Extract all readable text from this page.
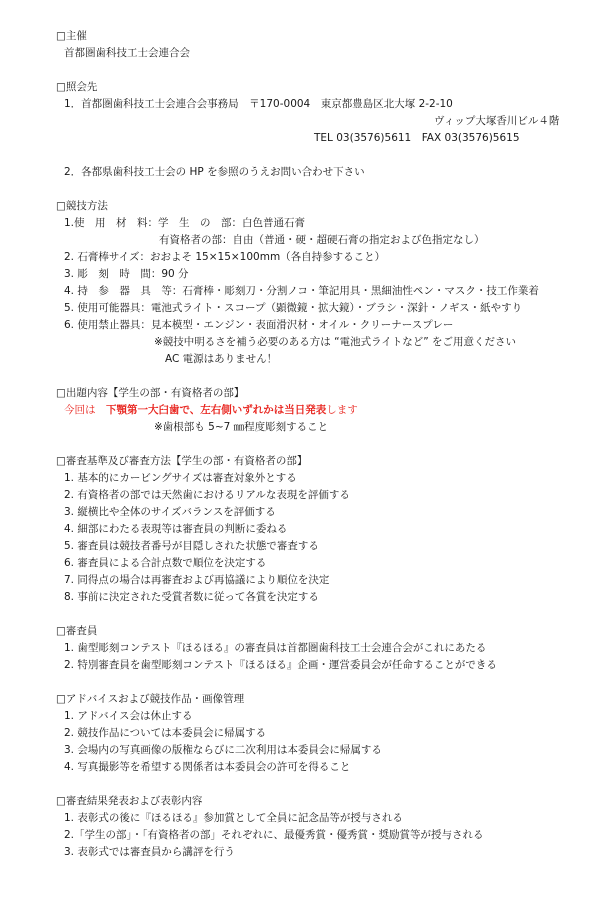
□主催
首都圏歯科技工士会連合会
□照会先
1．首都圏歯科技工士会連合会事務局　〒170-0004　東京都豊島区北大塚 2-2-10
ヴィップ大塚香川ビル４階
TEL 03(3576)5611　FAX 03(3576)5615
2．各都県歯科技工士会の HP を参照のうえお問い合わせ下さい
□競技方法
1.使　用　材　料：学　生　の　部：白色普通石膏
有資格者の部：自由（普通・硬・超硬石膏の指定および色指定なし）
2. 石膏棒サイズ：おおよそ 15×15×100mm（各自持参すること）
3. 彫　刻　時　間：90 分
4. 持　参　器　具　等：石膏棒・彫刻刀・分割ノコ・筆記用具・黒細油性ペン・マスク・技工作業着
5. 使用可能器具：電池式ライト・スコープ（顕微鏡・拡大鏡）・ブラシ・深針・ノギス・紙やすり
6. 使用禁止器具：見本模型・エンジン・表面滑沢材・オイル・クリーナースプレー
※競技中明るさを補う必要のある方は “電池式ライトなど” をご用意ください
AC 電源はありません！
□出題内容【学生の部・有資格者の部】
今回は　下顎第一大臼歯で、左右側いずれかは当日発表します
※歯根部も 5~7 ㎜程度彫刻すること
□審査基準及び審査方法【学生の部・有資格者の部】
1. 基本的にカービングサイズは審査対象外とする
2. 有資格者の部では天然歯におけるリアルな表現を評価する
3. 縦横比や全体のサイズバランスを評価する
4. 細部にわたる表現等は審査員の判断に委ねる
5. 審査員は競技者番号が目隠しされた状態で審査する
6. 審査員による合計点数で順位を決定する
7. 同得点の場合は再審査および再協議により順位を決定
8. 事前に決定された受賞者数に従って各賞を決定する
□審査員
1. 歯型彫刻コンテスト『ほるほる』の審査員は首都圏歯科技工士会連合会がこれにあたる
2. 特別審査員を歯型彫刻コンテスト『ほるほる』企画・運営委員会が任命することができる
□アドバイスおよび競技作品・画像管理
1. アドバイス会は休止する
2. 競技作品については本委員会に帰属する
3. 会場内の写真画像の版権ならびに二次利用は本委員会に帰属する
4. 写真撮影等を希望する関係者は本委員会の許可を得ること
□審査結果発表および表彰内容
1. 表彰式の後に『ほるほる』参加賞として全員に記念品等が授与される
2.「学生の部」・「有資格者の部」それぞれに、最優秀賞・優秀賞・奨励賞等が授与される
3. 表彰式では審査員から講評を行う
